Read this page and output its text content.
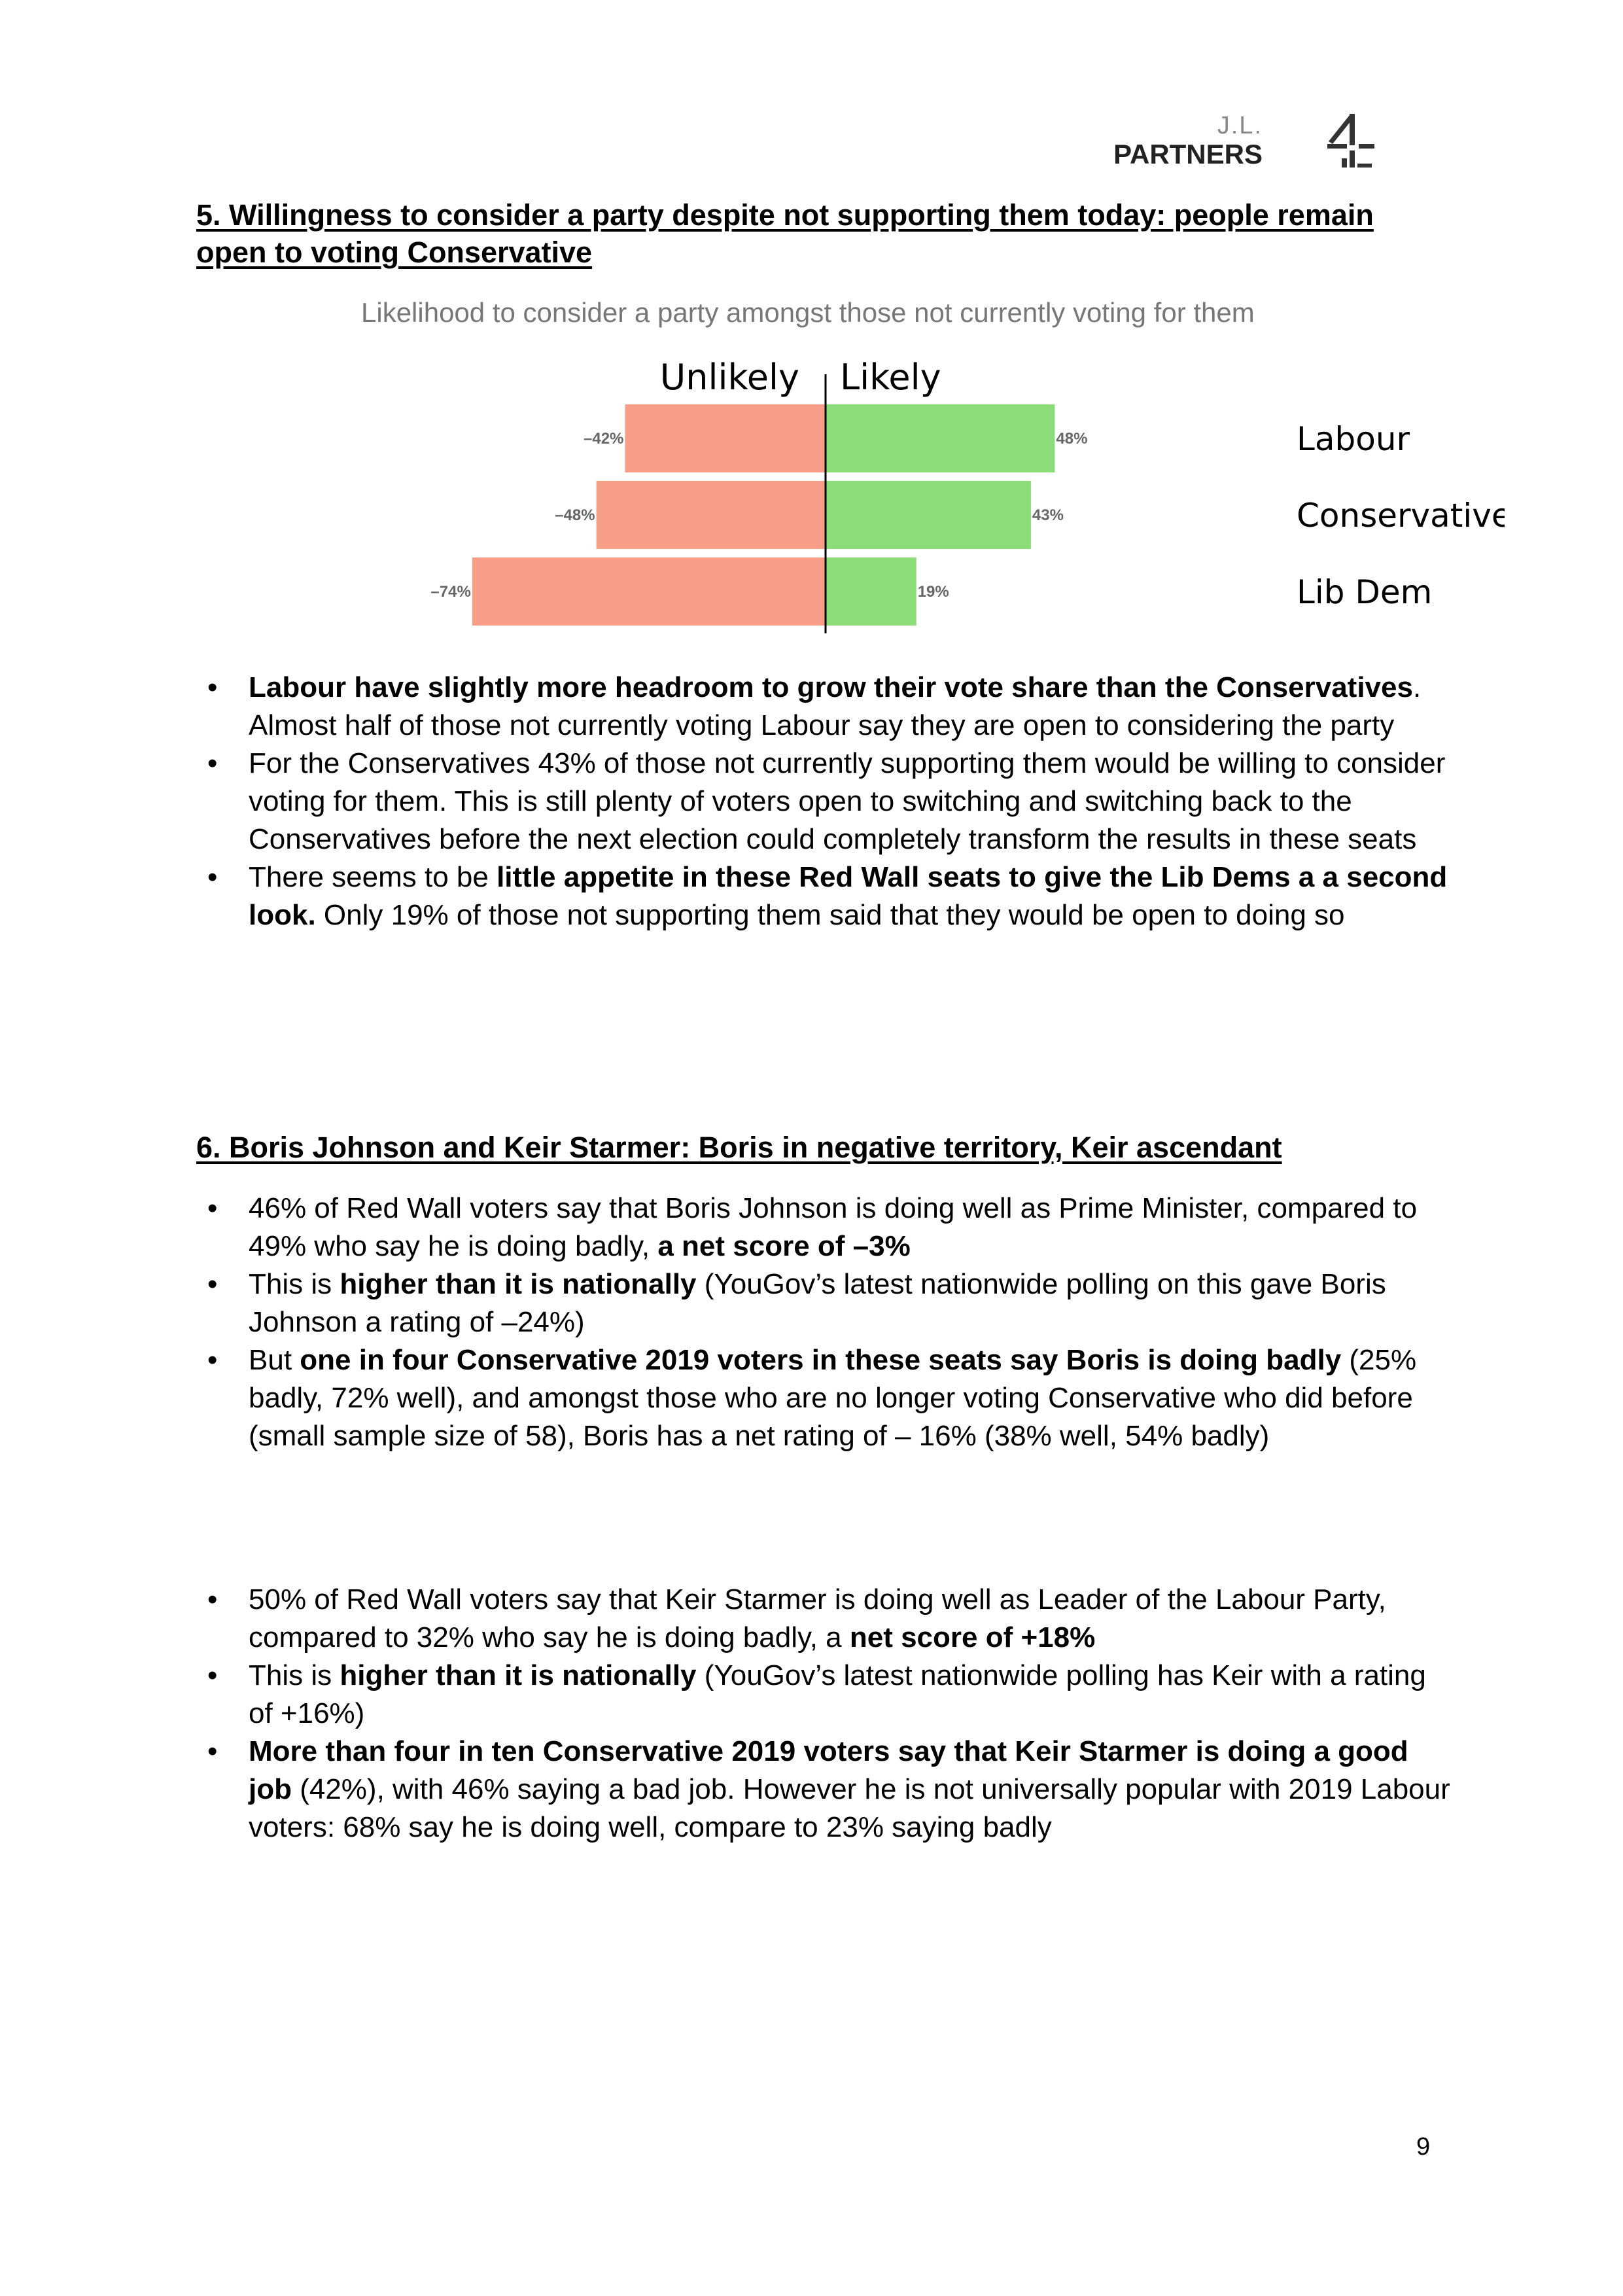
J.L.
PARTNERS
5. Willingness to consider a party despite not supporting them today: people remain
open to voting Conservative
Likelihood to consider a party amongst those not currently voting for them
Unlikely Likely
–42%	48%	Labour
–48%	43%	Conservative
–74%	19%	Lib Dem
• Labour have slightly more headroom to grow their vote share than the Conservatives. Almost half of those not currently voting Labour say they are open to considering the party
• For the Conservatives 43% of those not currently supporting them would be willing to consider voting for them. This is still plenty of voters open to switching and switching back to the Conservatives before the next election could completely transform the results in these seats
• There seems to be little appetite in these Red Wall seats to give the Lib Dems a a second look. Only 19% of those not supporting them said that they would be open to doing so
6. Boris Johnson and Keir Starmer: Boris in negative territory, Keir ascendant
• 46% of Red Wall voters say that Boris Johnson is doing well as Prime Minister, compared to 49% who say he is doing badly, a net score of –3%
• This is higher than it is nationally (YouGov’s latest nationwide polling on this gave Boris Johnson a rating of –24%)
• But one in four Conservative 2019 voters in these seats say Boris is doing badly (25% badly, 72% well), and amongst those who are no longer voting Conservative who did before (small sample size of 58), Boris has a net rating of – 16% (38% well, 54% badly)
• 50% of Red Wall voters say that Keir Starmer is doing well as Leader of the Labour Party, compared to 32% who say he is doing badly, a net score of +18%
• This is higher than it is nationally (YouGov’s latest nationwide polling has Keir with a rating of +16%)
• More than four in ten Conservative 2019 voters say that Keir Starmer is doing a good job (42%), with 46% saying a bad job. However he is not universally popular with 2019 Labour voters: 68% say he is doing well, compare to 23% saying badly
9
